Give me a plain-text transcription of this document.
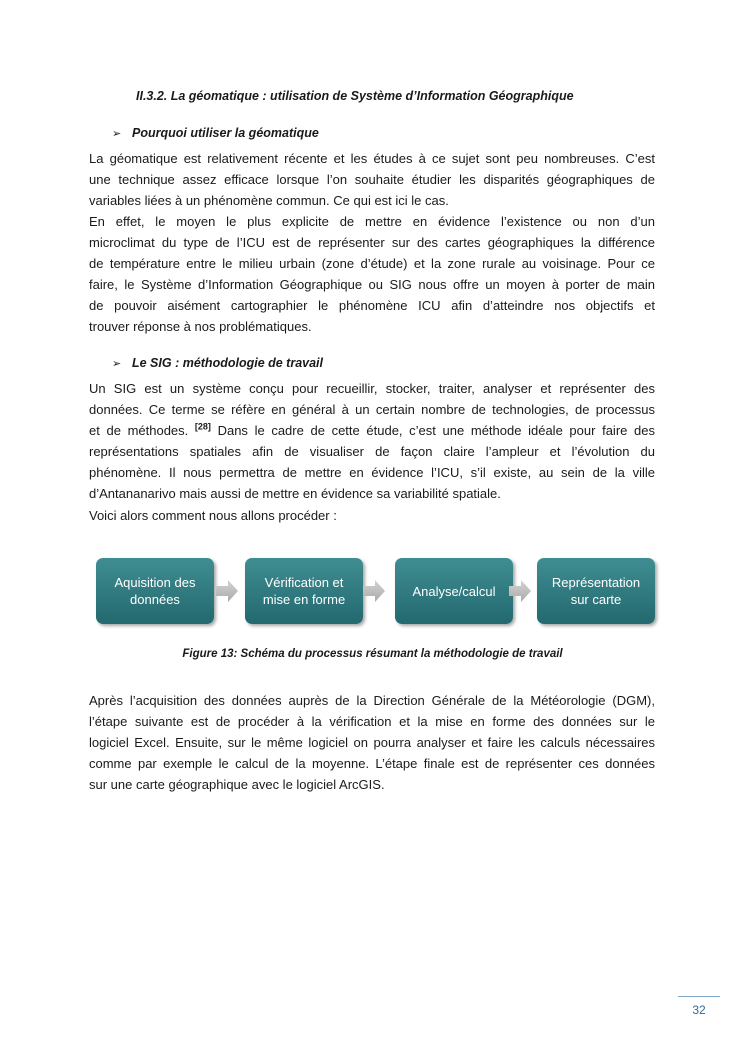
II.3.2. La géomatique : utilisation de Système d’Information Géographique
➢ Pourquoi utiliser la géomatique

La géomatique est relativement récente et les études à ce sujet sont peu nombreuses. C’est
une technique assez efficace lorsque l’on souhaite étudier les disparités géographiques de
variables liées à un phénomène commun. Ce qui est ici le cas.

En effet, le moyen le plus explicite de mettre en évidence l’existence ou non d’un
microclimat du type de l’ICU est de représenter sur des cartes géographiques la différence
de température entre le milieu urbain (zone d’étude) et la zone rurale au voisinage. Pour ce
faire, le Système d’Information Géographique ou SIG nous offre un moyen à porter de main
de pouvoir aisément cartographier le phénomène ICU afin d’atteindre nos objectifs et
trouver réponse à nos problématiques.

➢ Le SIG : méthodologie de travail

Un SIG est un système conçu pour recueillir, stocker, traiter, analyser et représenter des
données. Ce terme se réfère en général à un certain nombre de technologies, de processus
et de méthodes. [28] Dans le cadre de cette étude, c’est une méthode idéale pour faire des
représentations spatiales afin de visualiser de façon claire l’ampleur et l’évolution du
phénomène. Il nous permettra de mettre en évidence l’ICU, s’il existe, au sein de la ville
d’Antananarivo mais aussi de mettre en évidence sa variabilité spatiale.
Voici alors comment nous allons procéder :

Aquisition des
données
Vérification et
mise en forme
Analyse/calcul
Représentation
sur carte
Figure 13: Schéma du processus résumant la méthodologie de travail

Après l’acquisition des données auprès de la Direction Générale de la Météorologie (DGM),
l’étape suivante est de procéder à la vérification et la mise en forme des données sur le
logiciel Excel. Ensuite, sur le même logiciel on pourra analyser et faire les calculs nécessaires
comme par exemple le calcul de la moyenne. L’étape finale est de représenter ces données
sur une carte géographique avec le logiciel ArcGIS.

32
